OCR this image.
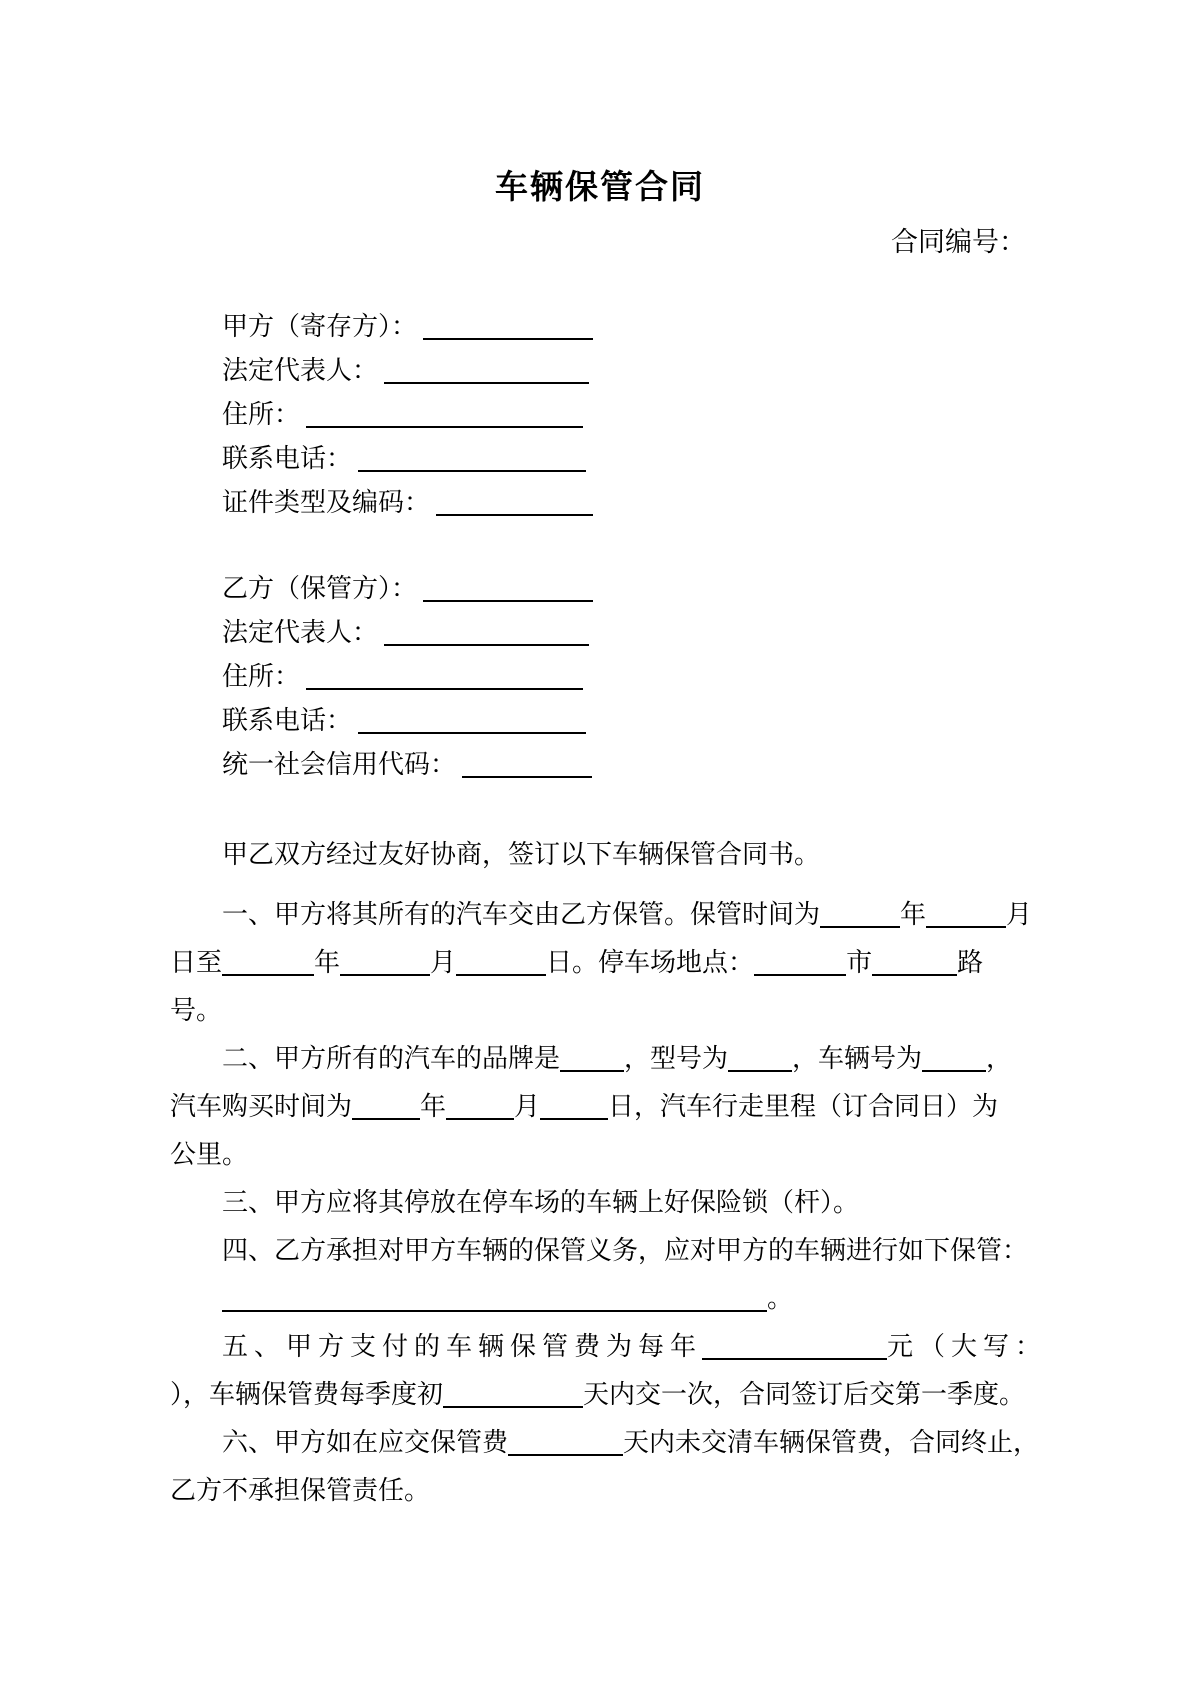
车辆保管合同
合同编号：
甲方（寄存方）：
法定代表人：
住所：
联系电话：
证件类型及编码：
乙方（保管方）：
法定代表人：
住所：
联系电话：
统一社会信用代码：

甲乙双方经过友好协商，签订以下车辆保管合同书。

一、甲方将其所有的汽车交由乙方保管。保管时间为	年	月
日至	年	月	日。停车场地点：	市	路
号。
二、甲方所有的汽车的品牌是 ，型号为 ，车辆号为 ，
汽车购买时间为	年	月	日，汽车行走里程（订合同日）为
公里。
三、甲方应将其停放在停车场的车辆上好保险锁（杆）。
四、乙方承担对甲方车辆的保管义务，应对甲方的车辆进行如下保管：
。
五、甲方支付的车辆保管费为每年	元（大写：
），车辆保管费每季度初	天内交一次，合同签订后交第一季度。
六、甲方如在应交保管费	天内未交清车辆保管费，合同终止，
乙方不承担保管责任。
